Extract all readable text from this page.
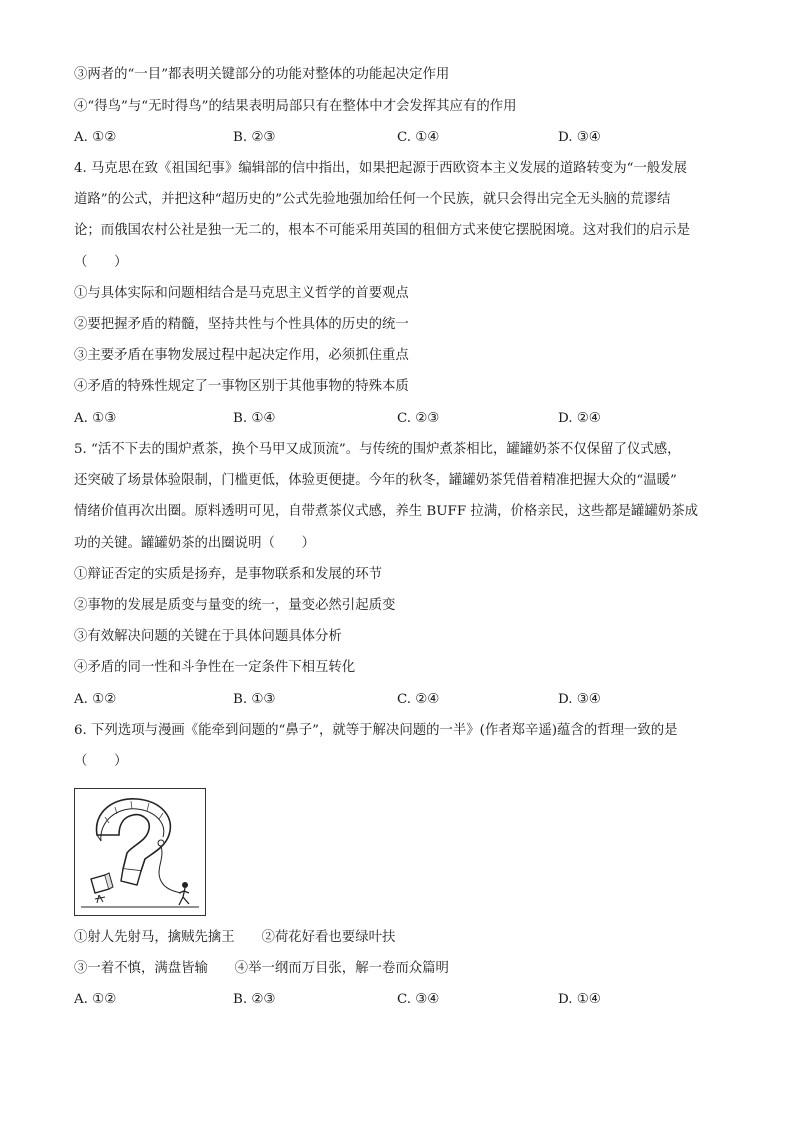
③两者的“一目”都表明关键部分的功能对整体的功能起决定作用
④“得鸟”与“无时得鸟”的结果表明局部只有在整体中才会发挥其应有的作用
A. ①②	B. ②③	C. ①④	D. ③④
4. 马克思在致《祖国纪事》编辑部的信中指出，如果把起源于西欧资本主义发展的道路转变为“一般发展
道路”的公式，并把这种“超历史的”公式先验地强加给任何一个民族，就只会得出完全无头脑的荒谬结
论；而俄国农村公社是独一无二的，根本不可能采用英国的租佃方式来使它摆脱困境。这对我们的启示是
（　　）
①与具体实际和问题相结合是马克思主义哲学的首要观点
②要把握矛盾的精髓，坚持共性与个性具体的历史的统一
③主要矛盾在事物发展过程中起决定作用，必须抓住重点
④矛盾的特殊性规定了一事物区别于其他事物的特殊本质
A. ①③	B. ①④	C. ②③	D. ②④
5. “活不下去的围炉煮茶，换个马甲又成顶流”。与传统的围炉煮茶相比，罐罐奶茶不仅保留了仪式感，
还突破了场景体验限制，门槛更低，体验更便捷。今年的秋冬，罐罐奶茶凭借着精准把握大众的“温暖”
情绪价值再次出圈。原料透明可见，自带煮茶仪式感，养生 BUFF 拉满，价格亲民，这些都是罐罐奶茶成
功的关键。罐罐奶茶的出圈说明（　　）
①辩证否定的实质是扬弃，是事物联系和发展的环节
②事物的发展是质变与量变的统一，量变必然引起质变
③有效解决问题的关键在于具体问题具体分析
④矛盾的同一性和斗争性在一定条件下相互转化
A. ①②	B. ①③	C. ②④	D. ③④
6. 下列选项与漫画《能牵到问题的“鼻子”，就等于解决问题的一半》(作者郑辛遥)蕴含的哲理一致的是
（　　）
①射人先射马，擒贼先擒王　　②荷花好看也要绿叶扶
③一着不慎，满盘皆输　　④举一纲而万目张，解一卷而众篇明
A. ①②	B. ②③	C. ③④	D. ①④
